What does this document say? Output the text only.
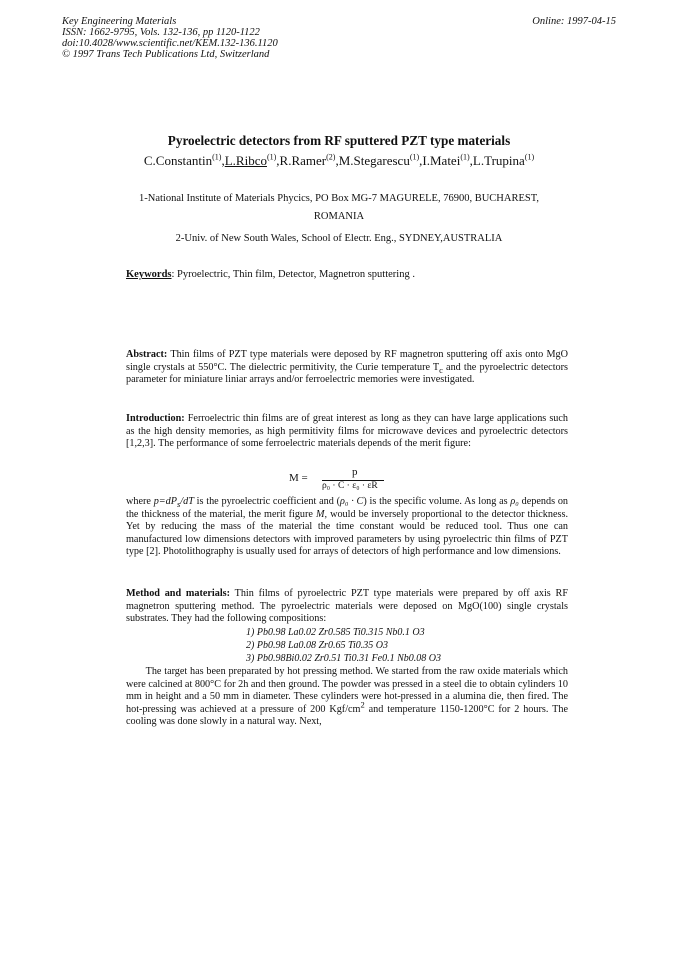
Key Engineering Materials
ISSN: 1662-9795, Vols. 132-136, pp 1120-1122
doi:10.4028/www.scientific.net/KEM.132-136.1120
© 1997 Trans Tech Publications Ltd, Switzerland
Online: 1997-04-15
Pyroelectric detectors from RF sputtered PZT type materials
C.Constantin$^{(1)}$,L.Ribco$^{(1)}$,R.Ramer$^{(2)}$,M.Stegarescu$^{(1)}$,I.Matei$^{(1)}$,L.Trupina$^{(1)}$
1-National Institute of Materials Phycics, PO Box MG-7 MAGURELE, 76900, BUCHAREST,
ROMANIA
2-Univ. of New South Wales, School of Electr. Eng., SYDNEY,AUSTRALIA
Keywords: Pyroelectric, Thin film, Detector, Magnetron sputtering .

Abstract: Thin films of PZT type materials were deposed by RF magnetron sputtering off axis onto MgO single crystals at 550°C. The dielectric permitivity, the Curie temperature $T_c$ and the pyroelectric detectors parameter for miniature liniar arrays and/or ferroelectric memories were investigated.

Introduction: Ferroelectric thin films are of great interest as long as they can have large applications such as the high density memories, as high permitivity films for microwave devices and pyroelectric detectors [1,2,3]. The performance of some ferroelectric materials depends of the merit figure:

M =	p
ρ₀ · C · ε₀ · εR

where $p=dP_s/dT$ is the pyroelectric coefficient and (ρ₀ · C) is the specific volume. As long as ρ₀ depends on the thickness of the material, the merit figure M, would be inversely proportional to the detector thickness. Yet by reducing the mass of the material the time constant would be reduced tool. Thus one can manufactured low dimensions detectors with improved parameters by using pyroelectric thin films of PZT type [2]. Photolithography is usually used for arrays of detectors of high performance and low dimensions.

Method and materials: Thin films of pyroelectric PZT type materials were prepared by off axis RF magnetron sputtering method. The pyroelectric materials were deposed on MgO(100) single crystals substrates. They had the following compositions:

1) Pb0.98 La0.02 Zr0.585 Ti0.315 Nb0.1 O3
2) Pb0.98 La0.08 Zr0.65 Ti0.35 O3
3) Pb0.98Bi0.02 Zr0.51 Ti0.31 Fe0.1 Nb0.08 O3

The target has been preparated by hot pressing method. We started from the raw oxide materials which were calcined at 800°C for 2h and then ground. The powder was pressed in a steel die to obtain cylinders 10 mm in height and a 50 mm in diameter. These cylinders were hot-pressed in a alumina die, then fired. The hot-pressing was achieved at a pressure of 200 Kgf/$cm^2$ and temperature 1150-1200°C for 2 hours. The cooling was done slowly in a natural way. Next,
